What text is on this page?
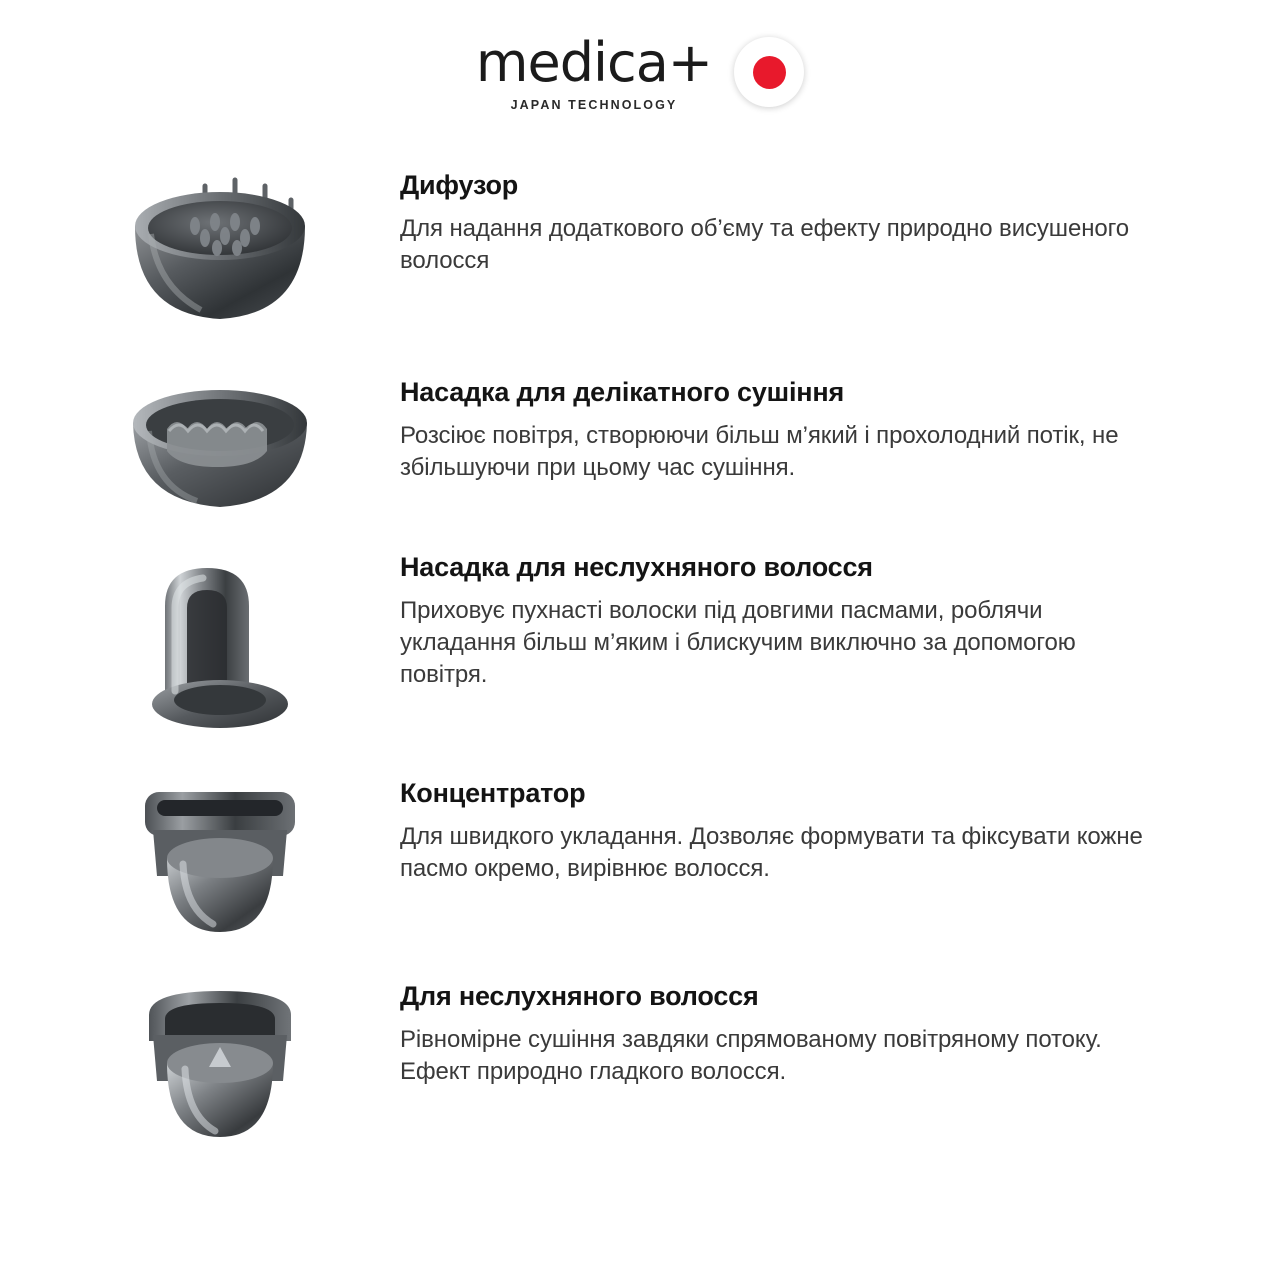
medica+
JAPAN TECHNOLOGY
Дифузор
Для надання додаткового об’єму та ефекту природно висушеного волосся
Насадка для делікатного сушіння
Розсіює повітря, створюючи більш м’який і прохолодний потік, не збільшуючи при цьому час сушіння.
Насадка для неслухняного волосся
Приховує пухнасті волоски під довгими пасмами, роблячи укладання більш м’яким і блискучим виключно за допомогою повітря.
Концентратор
Для швидкого укладання. Дозволяє формувати та фіксувати кожне пасмо окремо, вирівнює волосся.
Для неслухняного волосся
Рівномірне сушіння завдяки спрямованому повітряному потоку. Ефект природно гладкого волосся.
